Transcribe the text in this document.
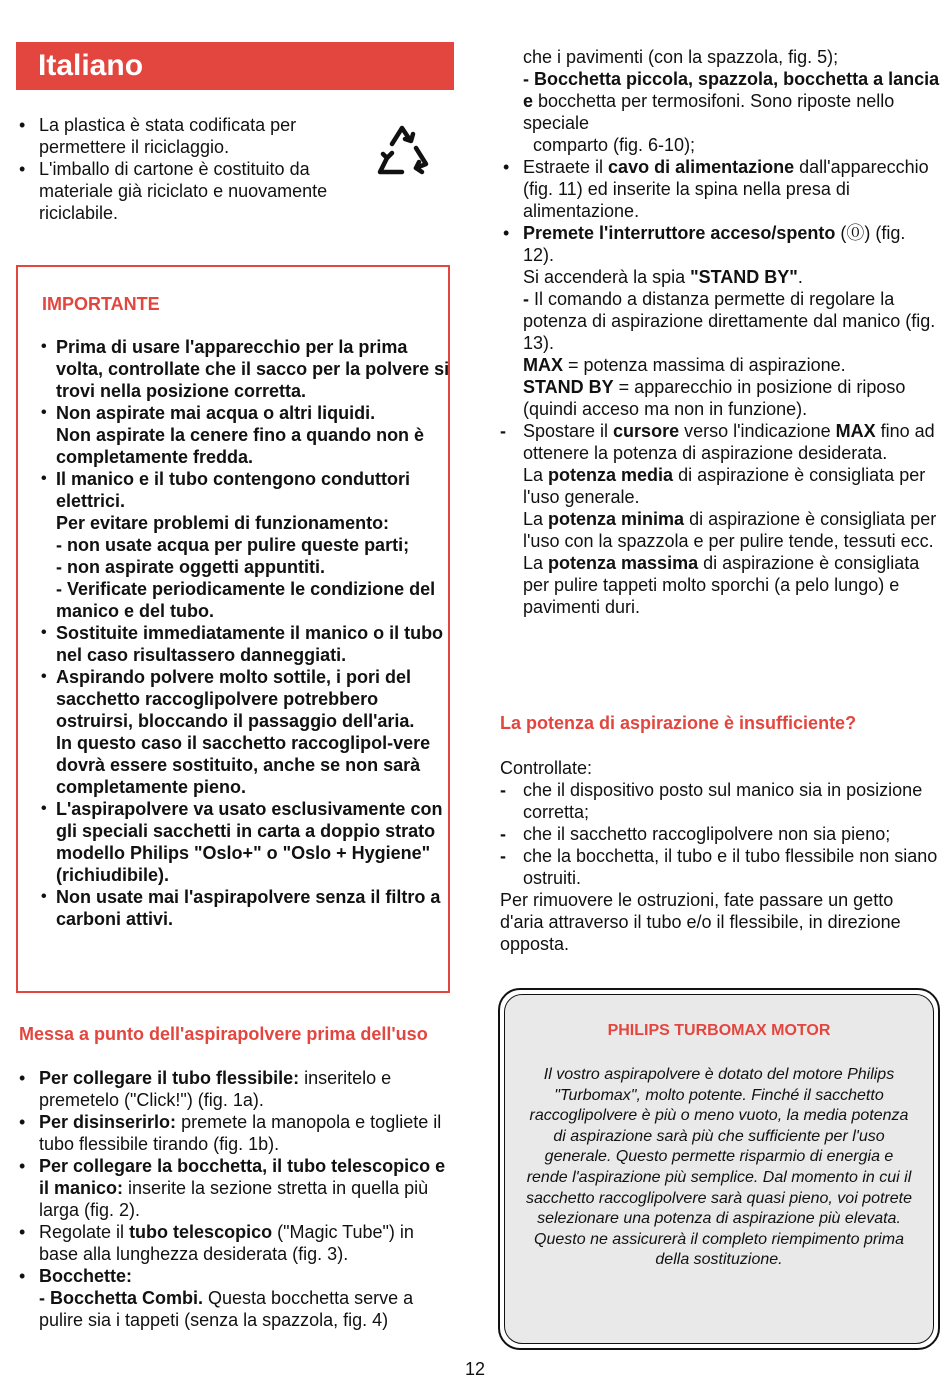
Italiano
• La plastica è stata codificata per permettere il riciclaggio.
• L'imballo di cartone è costituito da materiale già riciclato e nuovamente riciclabile.
IMPORTANTE
• Prima di usare l'apparecchio per la prima volta, controllate che il sacco per la polvere si trovi nella posizione corretta.
• Non aspirate mai acqua o altri liquidi.
Non aspirate la cenere fino a quando non è completamente fredda.
• Il manico e il tubo contengono conduttori elettrici.
Per evitare problemi di funzionamento:
- non usate acqua per pulire queste parti;
- non aspirate oggetti appuntiti.
- Verificate periodicamente le condizione del manico e del tubo.
• Sostituite immediatamente il manico o il tubo nel caso risultassero danneggiati.
• Aspirando polvere molto sottile, i pori del sacchetto raccoglipolvere potrebbero ostruirsi, bloccando il passaggio dell'aria.
In questo caso il sacchetto raccoglipol-vere dovrà essere sostituito, anche se non sarà completamente pieno.
• L'aspirapolvere va usato esclusivamente con gli speciali sacchetti in carta a doppio strato modello Philips "Oslo+" o "Oslo + Hygiene" (richiudibile).
• Non usate mai l'aspirapolvere senza il filtro a carboni attivi.
Messa a punto dell'aspirapolvere prima dell'uso
• Per collegare il tubo flessibile: inseritelo e premetelo ("Click!") (fig. 1a).
• Per disinserirlo: premete la manopola e togliete il tubo flessibile tirando (fig. 1b).
• Per collegare la bocchetta, il tubo telescopico e il manico: inserite la sezione stretta in quella più larga (fig. 2).
• Regolate il tubo telescopico ("Magic Tube") in base alla lunghezza desiderata (fig. 3).
• Bocchette:
- Bocchetta Combi. Questa bocchetta serve a pulire sia i tappeti (senza la spazzola, fig. 4)
che i pavimenti (con la spazzola, fig. 5);
- Bocchetta piccola, spazzola, bocchetta a lancia e bocchetta per termosifoni. Sono riposte nello speciale
comparto (fig. 6-10);
• Estraete il cavo di alimentazione dall'apparecchio (fig. 11) ed inserite la spina nella presa di alimentazione.
• Premete l'interruttore acceso/spento (⓪) (fig. 12).
Si accenderà la spia "STAND BY".
- Il comando a distanza permette di regolare la potenza di aspirazione direttamente dal manico (fig. 13).
MAX = potenza massima di aspirazione.
STAND BY = apparecchio in posizione di riposo (quindi acceso ma non in funzione).
- Spostare il cursore verso l'indicazione MAX fino ad ottenere la potenza di aspirazione desiderata.
La potenza media di aspirazione è consigliata per l'uso generale.
La potenza minima di aspirazione è consigliata per l'uso con la spazzola e per pulire tende, tessuti ecc.
La potenza massima di aspirazione è consigliata per pulire tappeti molto sporchi (a pelo lungo) e pavimenti duri.
La potenza di aspirazione è insufficiente?
Controllate:
- che il dispositivo posto sul manico sia in posizione corretta;
- che il sacchetto raccoglipolvere non sia pieno;
- che la bocchetta, il tubo e il tubo flessibile non siano ostruiti.
Per rimuovere le ostruzioni, fate passare un getto d'aria attraverso il tubo e/o il flessibile, in direzione opposta.
PHILIPS TURBOMAX MOTOR
Il vostro aspirapolvere è dotato del motore Philips "Turbomax", molto potente. Finché il sacchetto raccoglipolvere è più o meno vuoto, la media potenza di aspirazione sarà più che sufficiente per l'uso generale. Questo permette risparmio di energia e rende l'aspirazione più semplice. Dal momento in cui il sacchetto raccoglipolvere sarà quasi pieno, voi potrete selezionare una potenza di aspirazione più elevata. Questo ne assicurerà il completo riempimento prima della sostituzione.
12
